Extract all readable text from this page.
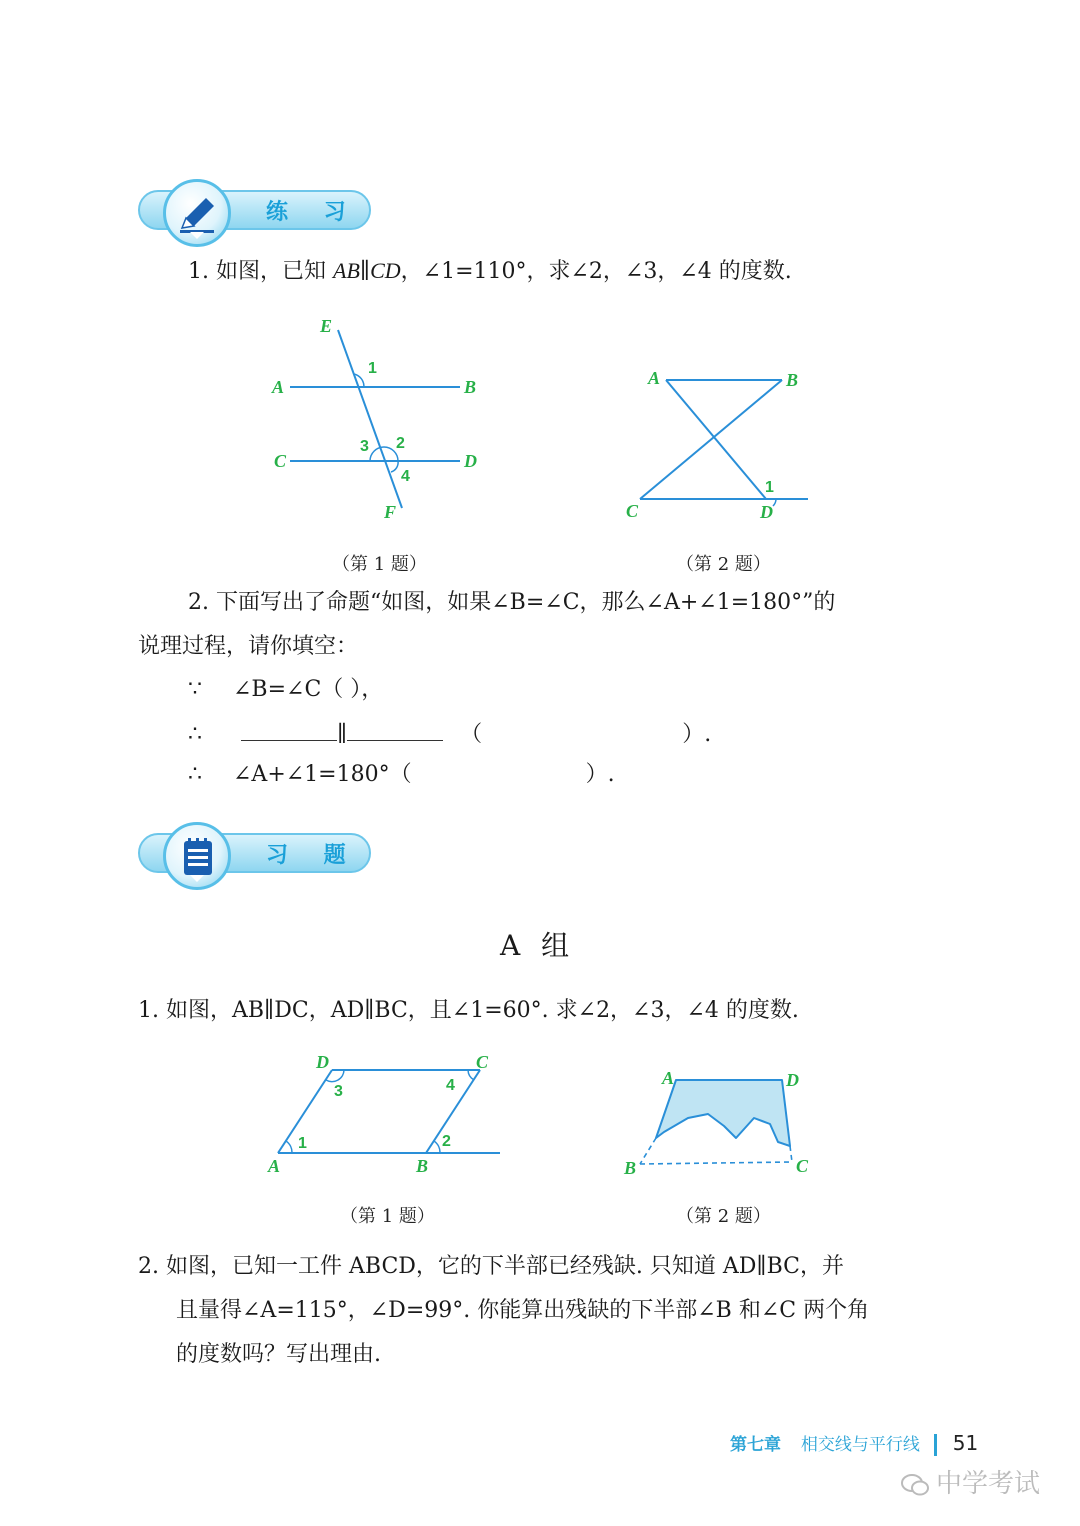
练 习
1. 如图，已知 AB∥CD，∠1=110°，求∠2，∠3，∠4 的度数.
E
A	B
C	D
F
1
2
3
4
（第 1 题）
A	B
C	D
1
（第 2 题）
2. 下面写出了命题“如图，如果∠B=∠C，那么∠A+∠1=180°”的
说理过程，请你填空：
∵ ∠B=∠C（ ），
∴	∥	（	）.
∴ ∠A+∠1=180°（	）.
习 题
A 组
1. 如图，AB∥DC，AD∥BC，且∠1=60°. 求∠2，∠3，∠4 的度数.
D	C
A	B
1	2
3	4
（第 1 题）
A	D
B	C
（第 2 题）
2. 如图，已知一工件 ABCD，它的下半部已经残缺. 只知道 AD∥BC，并
且量得∠A=115°，∠D=99°. 你能算出残缺的下半部∠B 和∠C 两个角
的度数吗？写出理由.
第七章 相交线与平行线 51
中学考试
